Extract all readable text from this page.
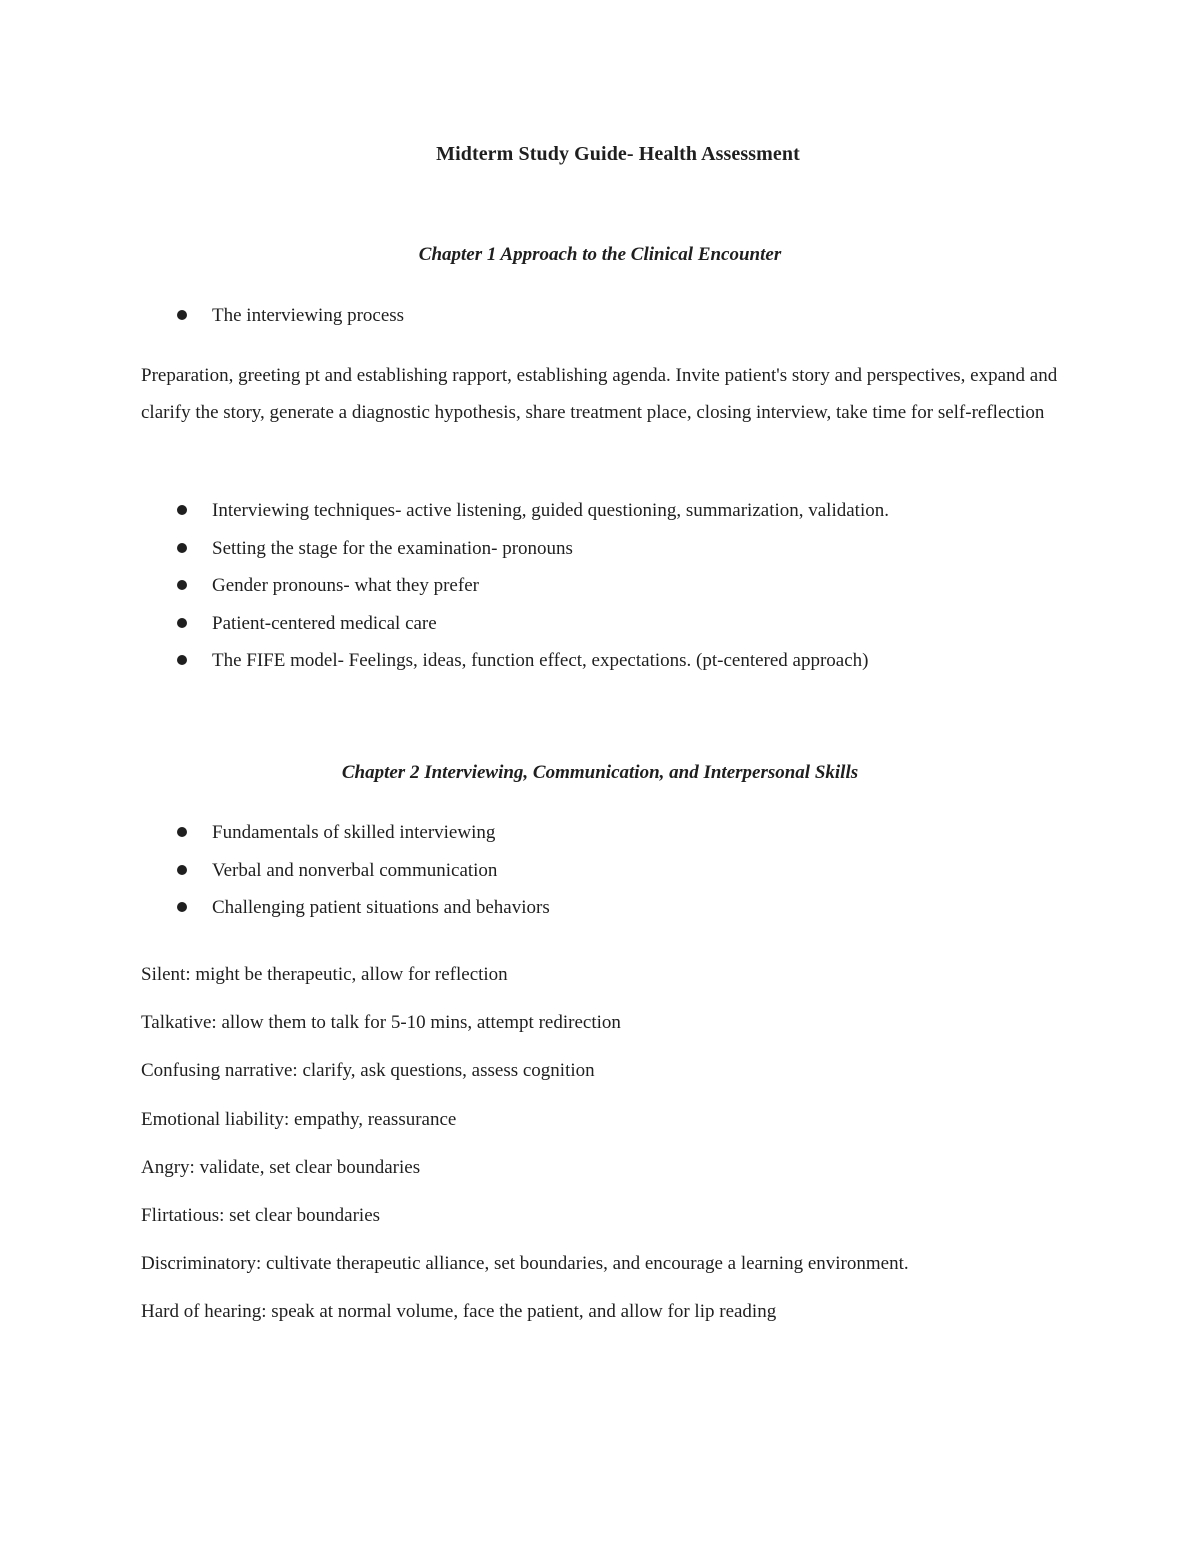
Midterm Study Guide- Health Assessment
Chapter 1 Approach to the Clinical Encounter
The interviewing process

Preparation, greeting pt and establishing rapport, establishing agenda. Invite patient's story and perspectives, expand and clarify the story, generate a diagnostic hypothesis, share treatment place, closing interview, take time for self-reflection

Interviewing techniques- active listening, guided questioning, summarization, validation.
Setting the stage for the examination- pronouns
Gender pronouns- what they prefer
Patient-centered medical care
The FIFE model- Feelings, ideas, function effect, expectations. (pt-centered approach)
Chapter 2 Interviewing, Communication, and Interpersonal Skills
Fundamentals of skilled interviewing
Verbal and nonverbal communication
Challenging patient situations and behaviors

Silent: might be therapeutic, allow for reflection

Talkative: allow them to talk for 5-10 mins, attempt redirection

Confusing narrative: clarify, ask questions, assess cognition

Emotional liability: empathy, reassurance

Angry: validate, set clear boundaries

Flirtatious: set clear boundaries

Discriminatory: cultivate therapeutic alliance, set boundaries, and encourage a learning environment.

Hard of hearing: speak at normal volume, face the patient, and allow for lip reading
